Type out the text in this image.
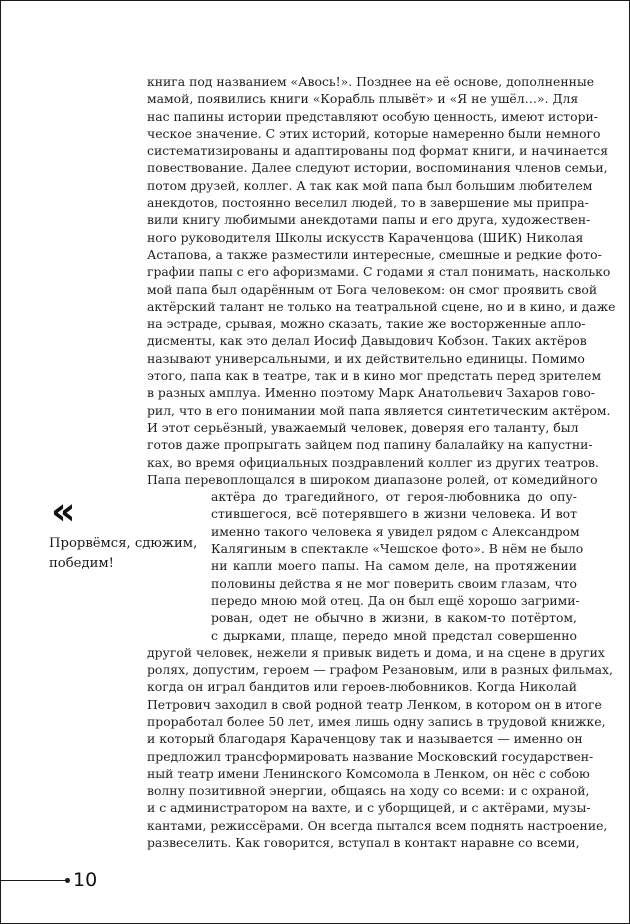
книга под названием «Авось!». Позднее на её основе, дополненные
мамой, появились книги «Корабль плывёт» и «Я не ушёл…». Для
нас папины истории представляют особую ценность, имеют истори-
ческое значение. С этих историй, которые намеренно были немного
систематизированы и адаптированы под формат книги, и начинается
повествование. Далее следуют истории, воспоминания членов семьи,
потом друзей, коллег. А так как мой папа был большим любителем
анекдотов, постоянно веселил людей, то в завершение мы припра-
вили книгу любимыми анекдотами папы и его друга, художествен-
ного руководителя Школы искусств Караченцова (ШИК) Николая
Астапова, а также разместили интересные, смешные и редкие фото-
графии папы с его афоризмами. С годами я стал понимать, насколько
мой папа был одарённым от Бога человеком: он смог проявить свой
актёрский талант не только на театральной сцене, но и в кино, и даже
на эстраде, срывая, можно сказать, такие же восторженные апло-
дисменты, как это делал Иосиф Давыдович Кобзон. Таких актёров
называют универсальными, и их действительно единицы. Помимо
этого, папа как в театре, так и в кино мог предстать перед зрителем
в разных амплуа. Именно поэтому Марк Анатольевич Захаров гово-
рил, что в его понимании мой папа является синтетическим актёром.
И этот серьёзный, уважаемый человек, доверяя его таланту, был
готов даже пропрыгать зайцем под папину балалайку на капустни-
ках, во время официальных поздравлений коллег из других театров.
Папа перевоплощался в широком диапазоне ролей, от комедийного
актёра до трагедийного, от героя-любовника до опу-
стившегося, всё потерявшего в жизни человека. И вот
именно такого человека я увидел рядом с Александром
Калягиным в спектакле «Чешское фото». В нём не было
ни капли моего папы. На самом деле, на протяжении
половины действа я не мог поверить своим глазам, что
передо мною мой отец. Да он был ещё хорошо загрими-
рован, одет не обычно в жизни, в каком-то потёртом,
с дырками, плаще, передо мной предстал совершенно
другой человек, нежели я привык видеть и дома, и на сцене в других
ролях, допустим, героем — графом Резановым, или в разных фильмах,
когда он играл бандитов или героев-любовников. Когда Николай
Петрович заходил в свой родной театр Ленком, в котором он в итоге
проработал более 50 лет, имея лишь одну запись в трудовой книжке,
и который благодаря Караченцову так и называется — именно он
предложил трансформировать название Московский государствен-
ный театр имени Ленинского Комсомола в Ленком, он нёс с собою
волну позитивной энергии, общаясь на ходу со всеми: и с охраной,
и с администратором на вахте, и с уборщицей, и с актёрами, музы-
кантами, режиссёрами. Он всегда пытался всем поднять настроение,
развеселить. Как говорится, вступал в контакт наравне со всеми,
«
Прорвёмся, сдюжим, победим!
10
